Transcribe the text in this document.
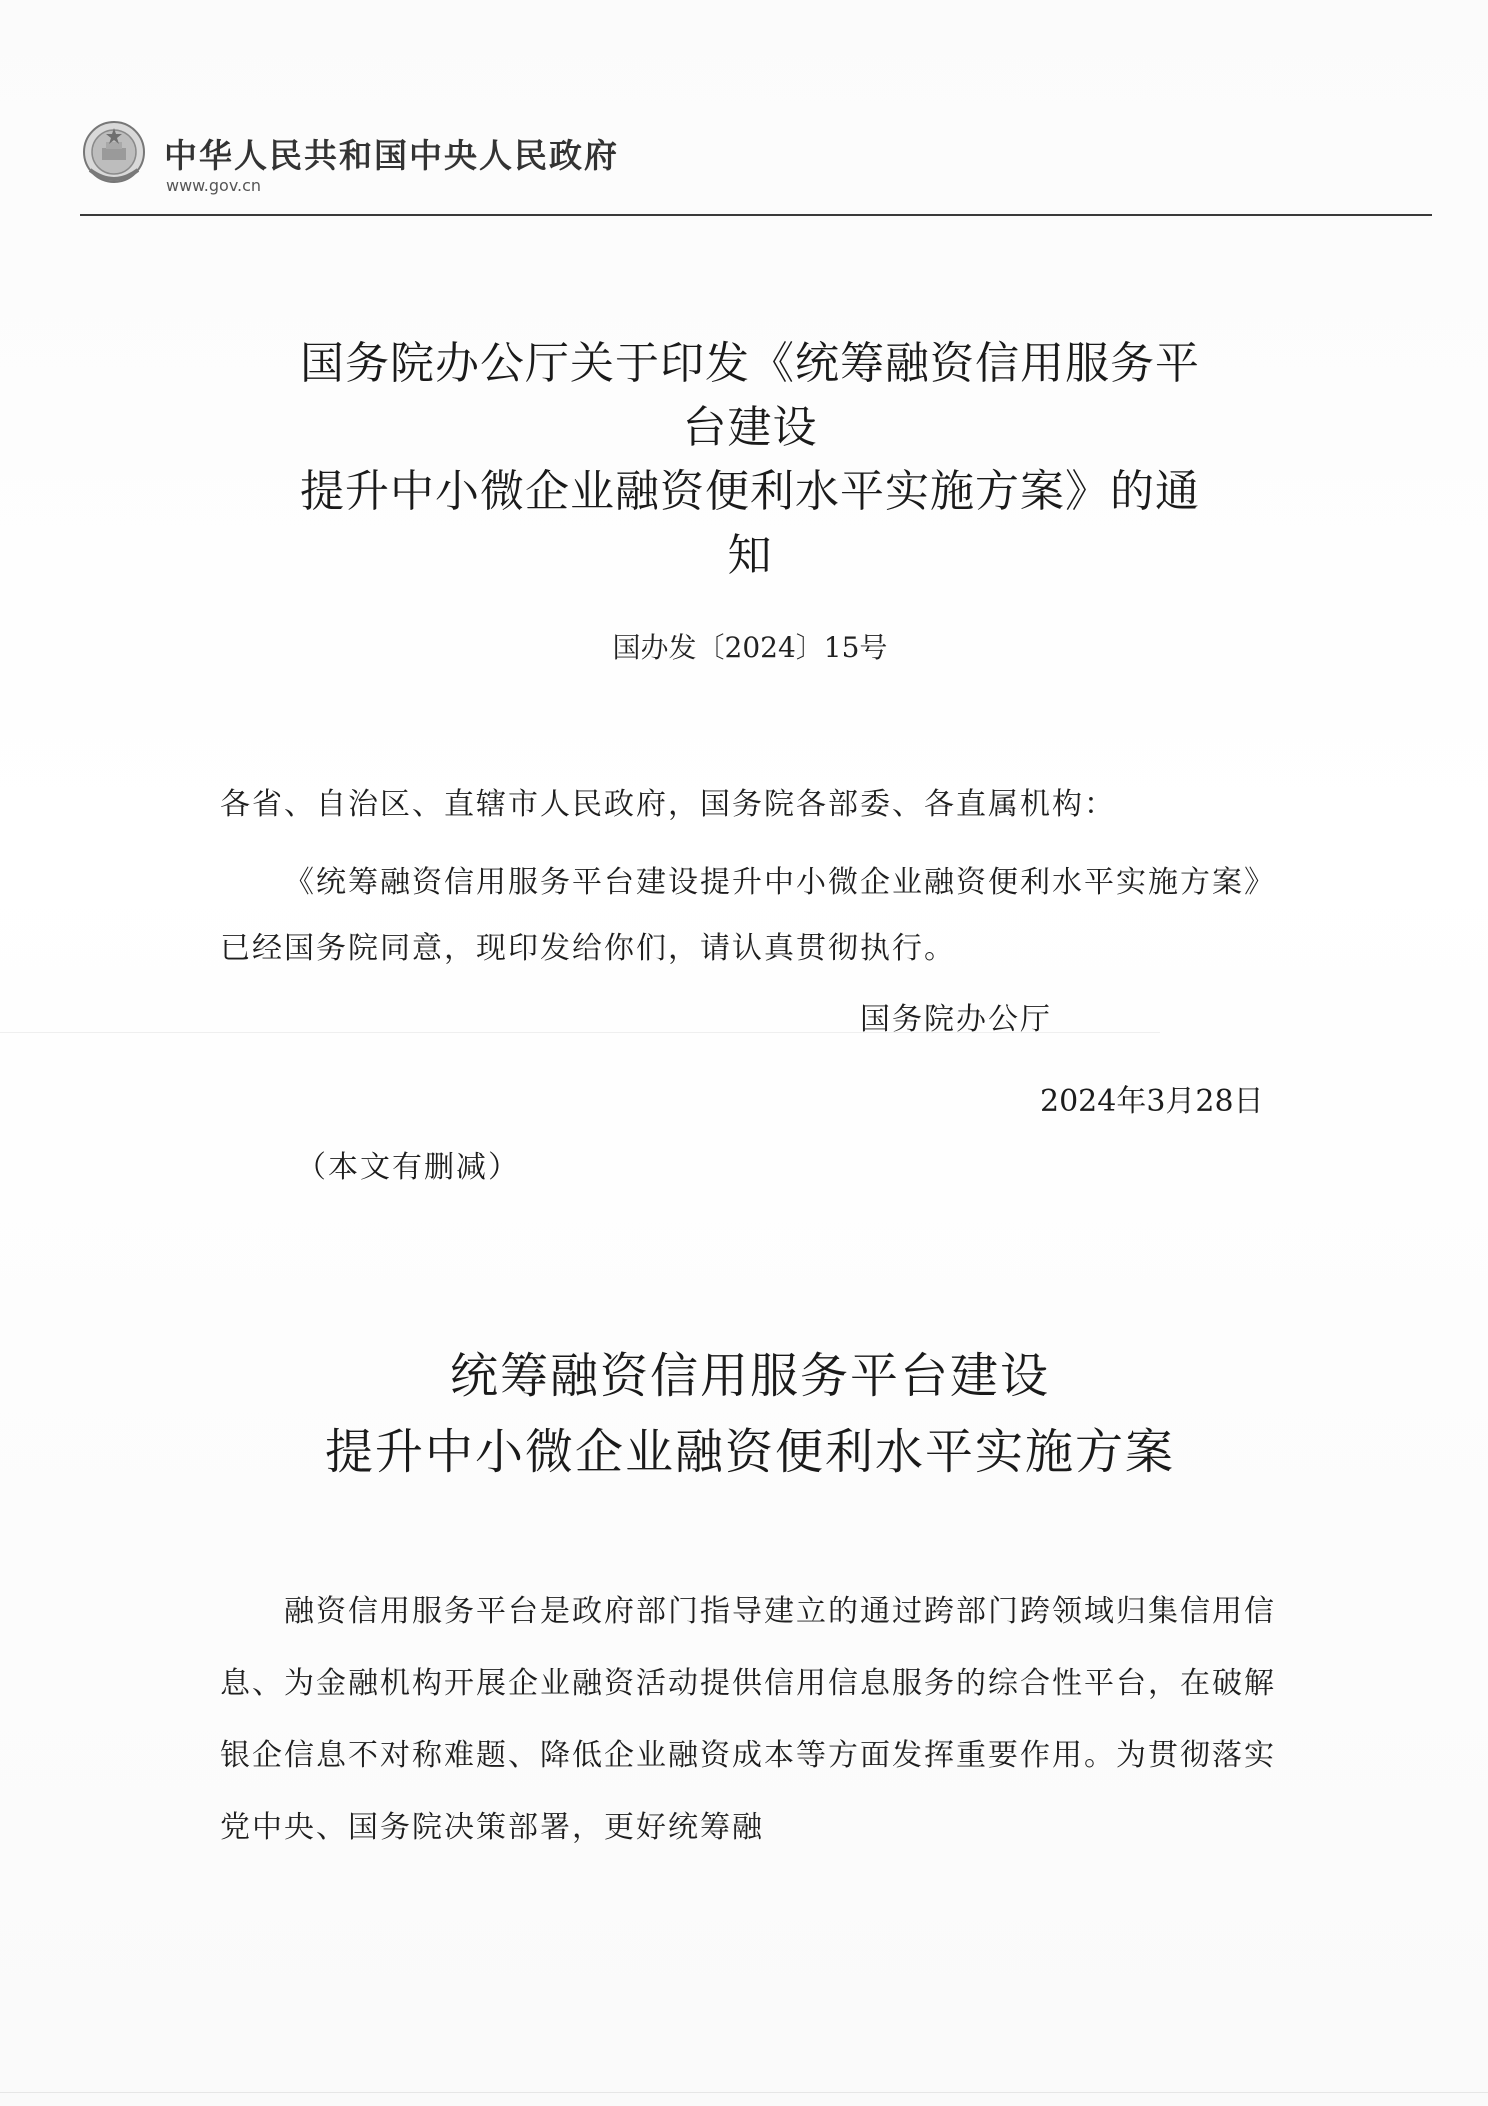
中华人民共和国中央人民政府
www.gov.cn
国务院办公厅关于印发《统筹融资信用服务平
台建设
提升中小微企业融资便利水平实施方案》的通
知
国办发〔2024〕15号
各省、自治区、直辖市人民政府，国务院各部委、各直属机构：
《统筹融资信用服务平台建设提升中小微企业融资便利水平实施方案》已经国务院同意，现印发给你们，请认真贯彻执行。
国务院办公厅
2024年3月28日
（本文有删减）
统筹融资信用服务平台建设
提升中小微企业融资便利水平实施方案
融资信用服务平台是政府部门指导建立的通过跨部门跨领域归集信用信息、为金融机构开展企业融资活动提供信用信息服务的综合性平台，在破解银企信息不对称难题、降低企业融资成本等方面发挥重要作用。为贯彻落实党中央、国务院决策部署，更好统筹融
